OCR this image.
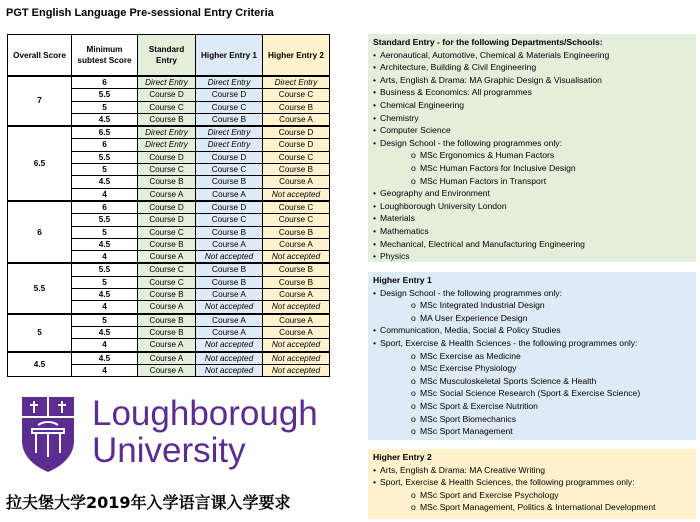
PGT English Language Pre-sessional Entry Criteria
Overall Score	Minimum subtest Score	Standard Entry	Higher Entry 1	Higher Entry 2
7	6	Direct Entry	Direct Entry	Direct Entry
	5.5	Course D	Course D	Course C
	5	Course C	Course C	Course B
	4.5	Course B	Course B	Course A
6.5	6.5	Direct Entry	Direct Entry	Course D
	6	Direct Entry	Direct Entry	Course D
	5.5	Course D	Course D	Course C
	5	Course C	Course C	Course B
	4.5	Course B	Course B	Course A
	4	Course A	Course A	Not accepted
6	6	Course D	Course D	Course C
	5.5	Course D	Course C	Course C
	5	Course C	Course B	Course B
	4.5	Course B	Course A	Course A
	4	Course A	Not accepted	Not accepted
5.5	5.5	Course C	Course B	Course B
	5	Course C	Course B	Course B
	4.5	Course B	Course A	Course A
	4	Course A	Not accepted	Not accepted
5	5	Course B	Course A	Course A
	4.5	Course B	Course A	Course A
	4	Course A	Not accepted	Not accepted
4.5	4.5	Course A	Not accepted	Not accepted
	4	Course A	Not accepted	Not accepted
Loughborough
University
拉夫堡大学2019年入学语言课入学要求
Standard Entry - for the following Departments/Schools:
• Aeronautical, Automotive, Chemical & Materials Engineering
• Architecture, Building & Civil Engineering
• Arts, English & Drama: MA Graphic Design & Visualisation
• Business & Economics: All programmes
• Chemical Engineering
• Chemistry
• Computer Science
• Design School - the following programmes only:
o MSc Ergonomics & Human Factors
o MSc Human Factors for Inclusive Design
o MSc Human Factors in Transport
• Geography and Environment
• Loughborough University London
• Materials
• Mathematics
• Mechanical, Electrical and Manufacturing Engineering
• Physics
Higher Entry 1
• Design School - the following programmes only:
o MSc Integrated Industrial Design
o MA User Experience Design
• Communication, Media, Social & Policy Studies
• Sport, Exercise & Health Sciences - the following programmes only:
o MSc Exercise as Medicine
o MSc Exercise Physiology
o MSc Musculoskeletal Sports Science & Health
o MSc Social Science Research (Sport & Exercise Science)
o MSc Sport & Exercise Nutrition
o MSc Sport Biomechanics
o MSc Sport Management
Higher Entry 2
• Arts, English & Drama: MA Creative Writing
• Sport, Exercise & Health Sciences, the following programmes only:
o MSc Sport and Exercise Psychology
o MSc Sport Management, Politics & International Development
